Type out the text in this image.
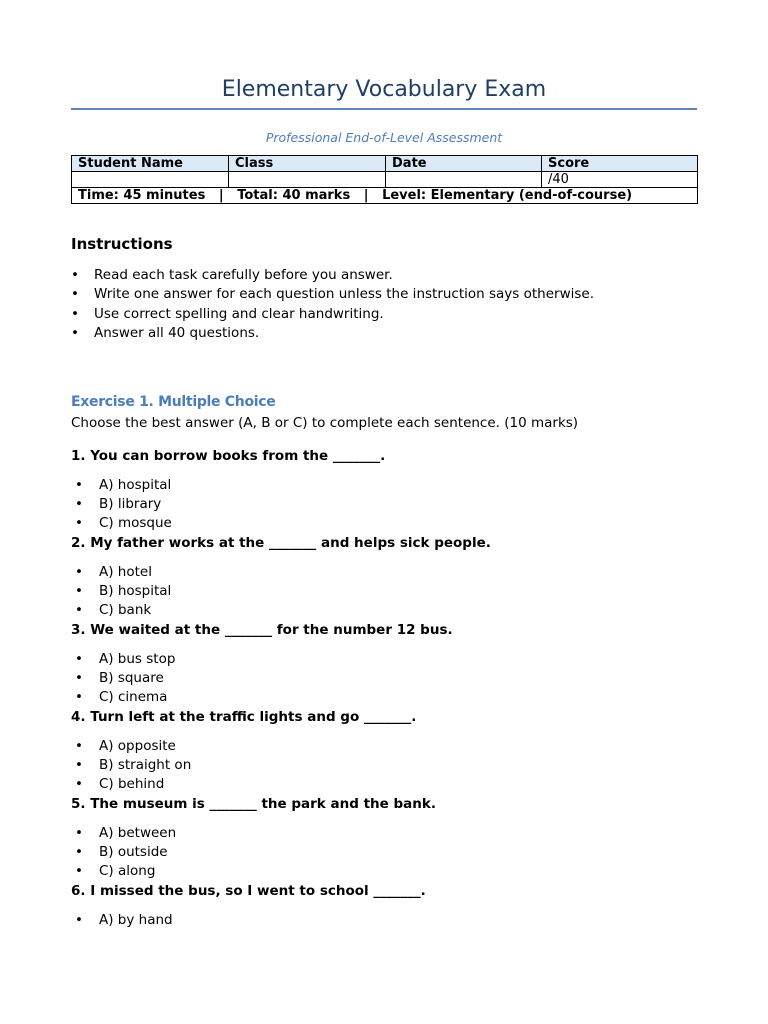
Elementary Vocabulary Exam
Professional End-of-Level Assessment
Student Name	Class	Date	Score
			/40
Time: 45 minutes   |   Total: 40 marks   |   Level: Elementary (end-of-course)			
Instructions
• Read each task carefully before you answer.
• Write one answer for each question unless the instruction says otherwise.
• Use correct spelling and clear handwriting.
• Answer all 40 questions.
Exercise 1. Multiple Choice
Choose the best answer (A, B or C) to complete each sentence. (10 marks)
1. You can borrow books from the _______.
• A) hospital
• B) library
• C) mosque
2. My father works at the _______ and helps sick people.
• A) hotel
• B) hospital
• C) bank
3. We waited at the _______ for the number 12 bus.
• A) bus stop
• B) square
• C) cinema
4. Turn left at the traffic lights and go _______.
• A) opposite
• B) straight on
• C) behind
5. The museum is _______ the park and the bank.
• A) between
• B) outside
• C) along
6. I missed the bus, so I went to school _______.
• A) by hand
